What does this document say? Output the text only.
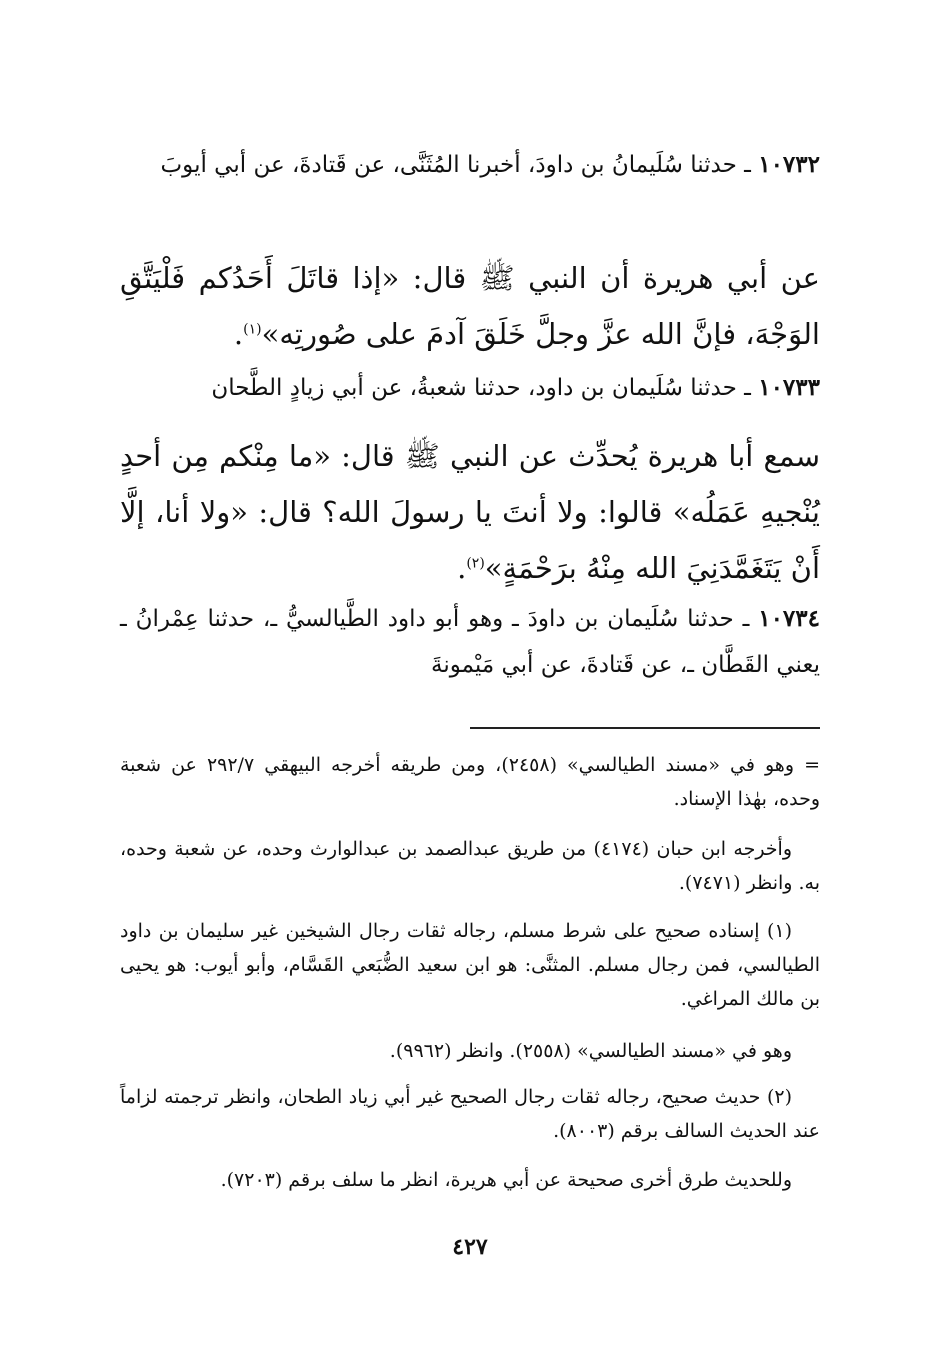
١٠٧٣٢ ـ حدثنا سُلَيمانُ بن داودَ، أخبرنا المُثَنَّى، عن قَتادةَ، عن أبي أيوبَ

عن أبي هريرة أن النبي ﷺ قال: «إذا قاتَلَ أَحَدُكم فَلْيَتَّقِ الوَجْهَ، فإنَّ الله عزَّ وجلَّ خَلَقَ آدمَ على صُورتِه»$^{(١)}$.

١٠٧٣٣ ـ حدثنا سُلَيمان بن داود، حدثنا شعبةُ، عن أبي زيادٍ الطَّحان

سمع أبا هريرة يُحدِّث عن النبي ﷺ قال: «ما مِنْكم مِن أحدٍ يُنْجيهِ عَمَلُه» قالوا: ولا أنتَ يا رسولَ الله؟ قال: «ولا أنا، إلَّا أَنْ يَتَغَمَّدَنِيَ الله مِنْهُ برَحْمَةٍ»$^{(٢)}$.

١٠٧٣٤ ـ حدثنا سُلَيمان بن داودَ ـ وهو أبو داود الطَّيالسيُّ ـ، حدثنا عِمْرانُ ـ يعني القَطَّان ـ، عن قَتادةَ، عن أبي مَيْمونةَ

= وهو في «مسند الطيالسي» (٢٤٥٨)، ومن طريقه أخرجه البيهقي ٢٩٢/٧ عن شعبة وحده، بهٰذا الإسناد.

وأخرجه ابن حبان (٤١٧٤) من طريق عبدالصمد بن عبدالوارث وحده، عن شعبة وحده، به. وانظر (٧٤٧١).

(١) إسناده صحيح على شرط مسلم، رجاله ثقات رجال الشيخين غير سليمان بن داود الطيالسي، فمن رجال مسلم. المثنَّى: هو ابن سعيد الضُّبَعي القَسَّام، وأبو أيوب: هو يحيى بن مالك المراغي.

وهو في «مسند الطيالسي» (٢٥٥٨). وانظر (٩٩٦٢).

(٢) حديث صحيح، رجاله ثقات رجال الصحيح غير أبي زياد الطحان، وانظر ترجمته لزاماً عند الحديث السالف برقم (٨٠٠٣).

وللحديث طرق أخرى صحيحة عن أبي هريرة، انظر ما سلف برقم (٧٢٠٣).

٤٢٧
